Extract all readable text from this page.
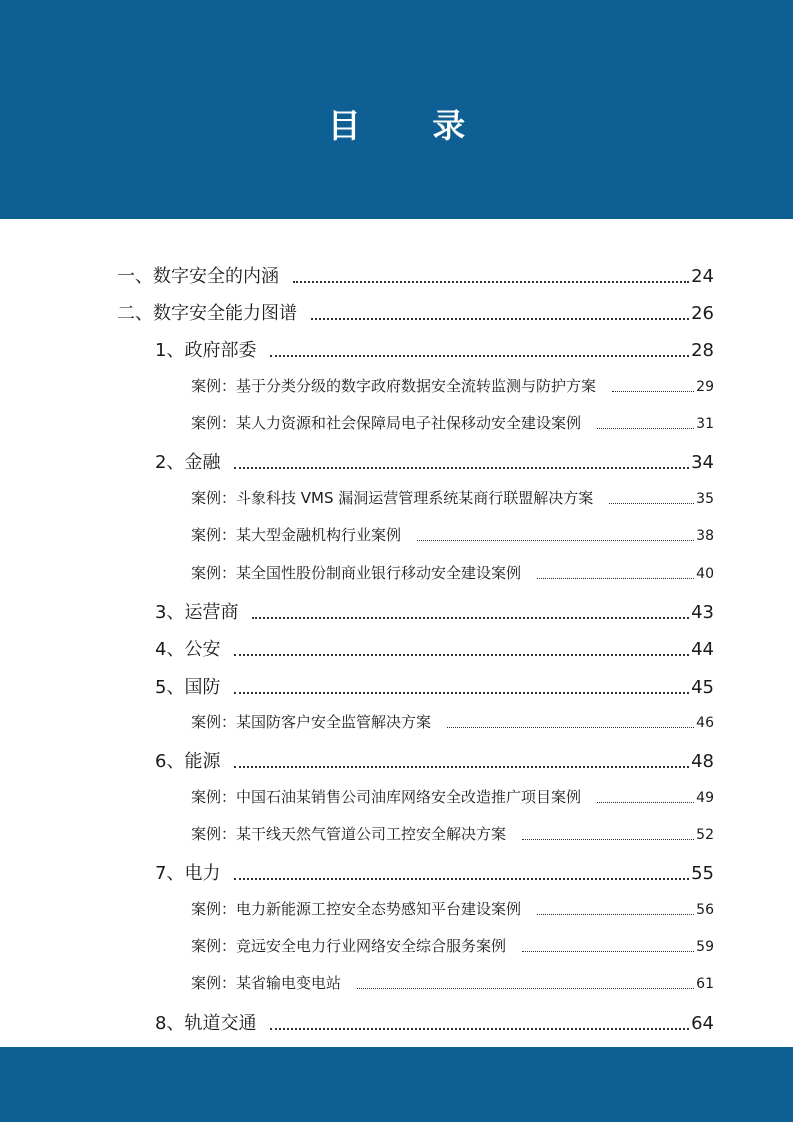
目 录
一、数字安全的内涵	24
二、数字安全能力图谱	26
1、政府部委	28
案例：基于分类分级的数字政府数据安全流转监测与防护方案	29
案例：某人力资源和社会保障局电子社保移动安全建设案例	31
2、金融	34
案例：斗象科技 VMS 漏洞运营管理系统某商行联盟解决方案	35
案例：某大型金融机构行业案例	38
案例：某全国性股份制商业银行移动安全建设案例	40
3、运营商	43
4、公安	44
5、国防	45
案例：某国防客户安全监管解决方案	46
6、能源	48
案例：中国石油某销售公司油库网络安全改造推广项目案例	49
案例：某干线天然气管道公司工控安全解决方案	52
7、电力	55
案例：电力新能源工控安全态势感知平台建设案例	56
案例：竞远安全电力行业网络安全综合服务案例	59
案例：某省输电变电站	61
8、轨道交通	64
